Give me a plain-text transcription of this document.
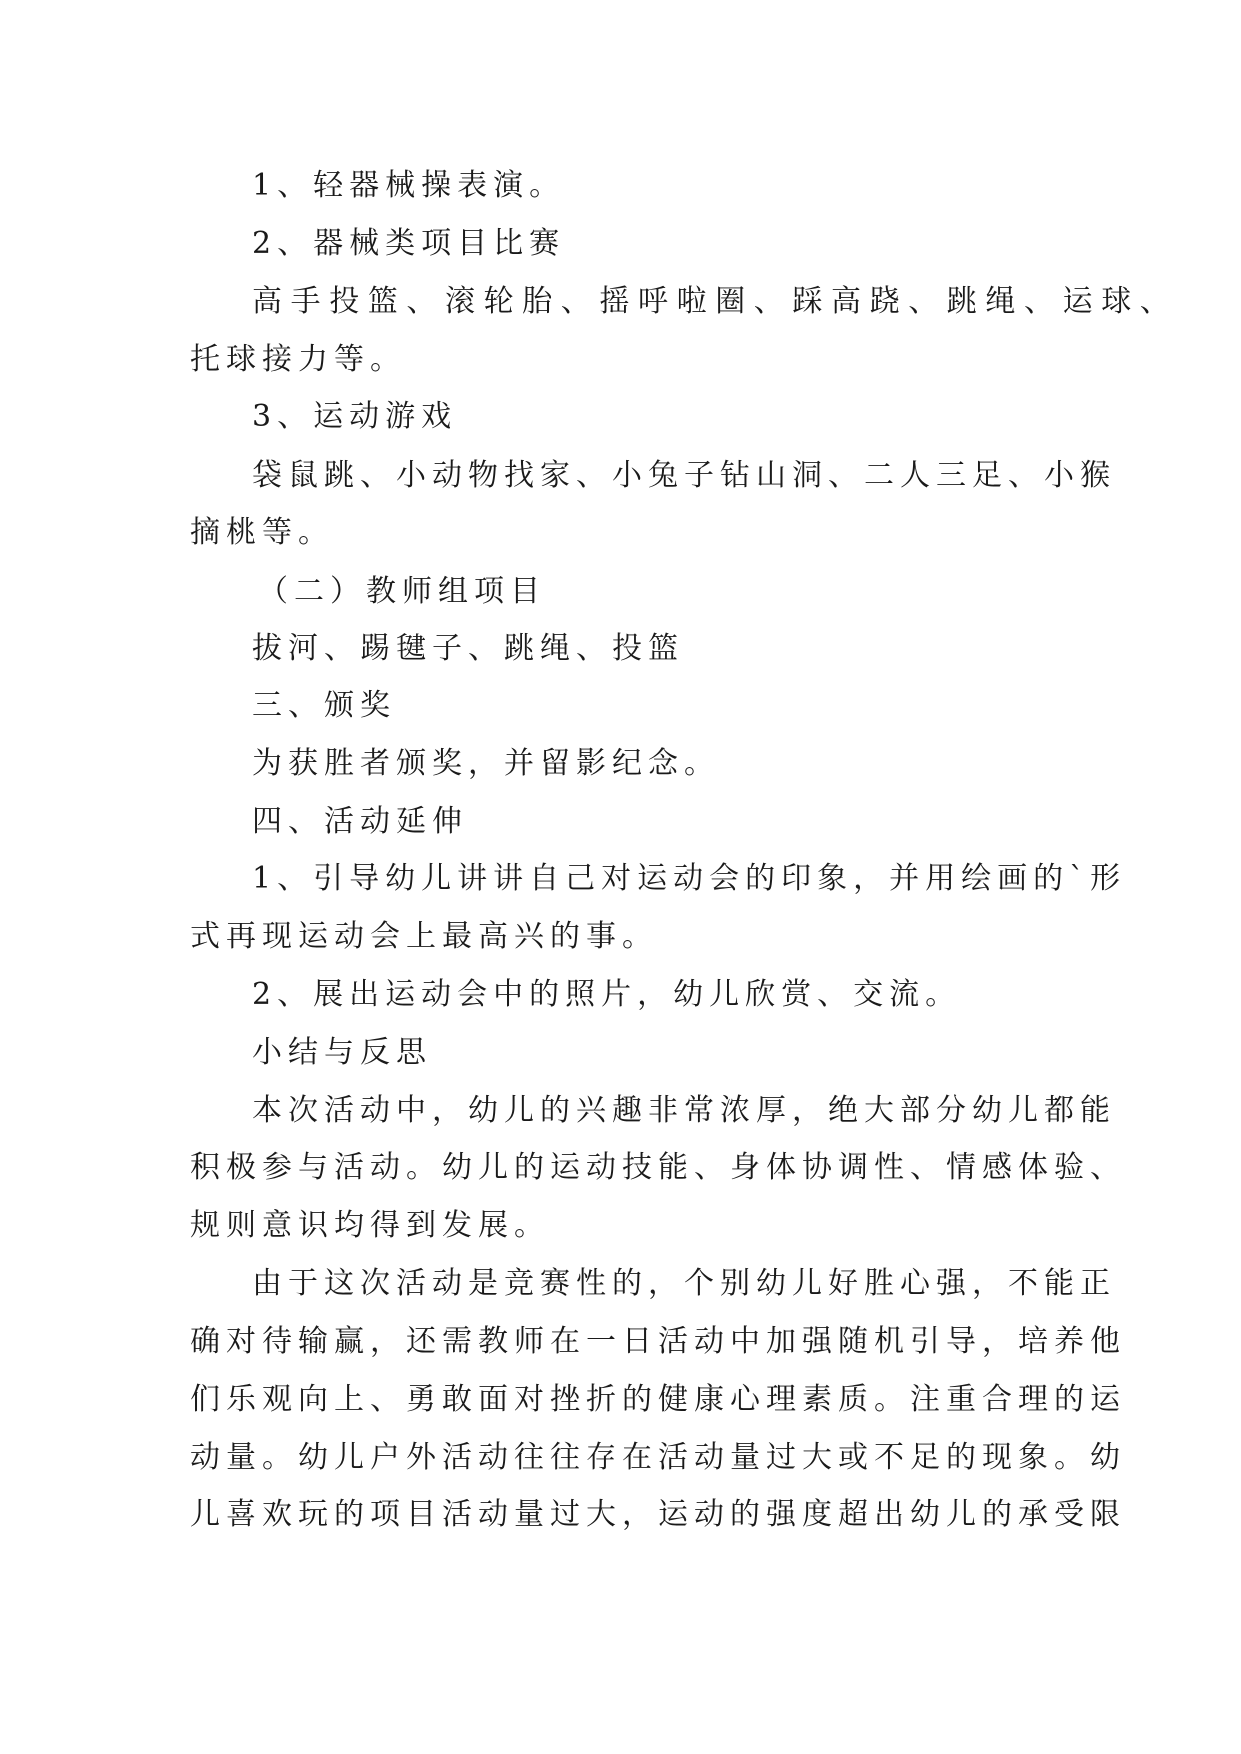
1、轻器械操表演。
2、器械类项目比赛
高手投篮、滚轮胎、摇呼啦圈、踩高跷、跳绳、运球、
托球接力等。
3、运动游戏
袋鼠跳、小动物找家、小兔子钻山洞、二人三足、小猴
摘桃等。
（二）教师组项目
拔河、踢毽子、跳绳、投篮
三、颁奖
为获胜者颁奖，并留影纪念。
四、活动延伸
1、引导幼儿讲讲自己对运动会的印象，并用绘画的`形
式再现运动会上最高兴的事。
2、展出运动会中的照片，幼儿欣赏、交流。
小结与反思
本次活动中，幼儿的兴趣非常浓厚，绝大部分幼儿都能
积极参与活动。幼儿的运动技能、身体协调性、情感体验、
规则意识均得到发展。
由于这次活动是竞赛性的，个别幼儿好胜心强，不能正
确对待输赢，还需教师在一日活动中加强随机引导，培养他
们乐观向上、勇敢面对挫折的健康心理素质。注重合理的运
动量。幼儿户外活动往往存在活动量过大或不足的现象。幼
儿喜欢玩的项目活动量过大，运动的强度超出幼儿的承受限
